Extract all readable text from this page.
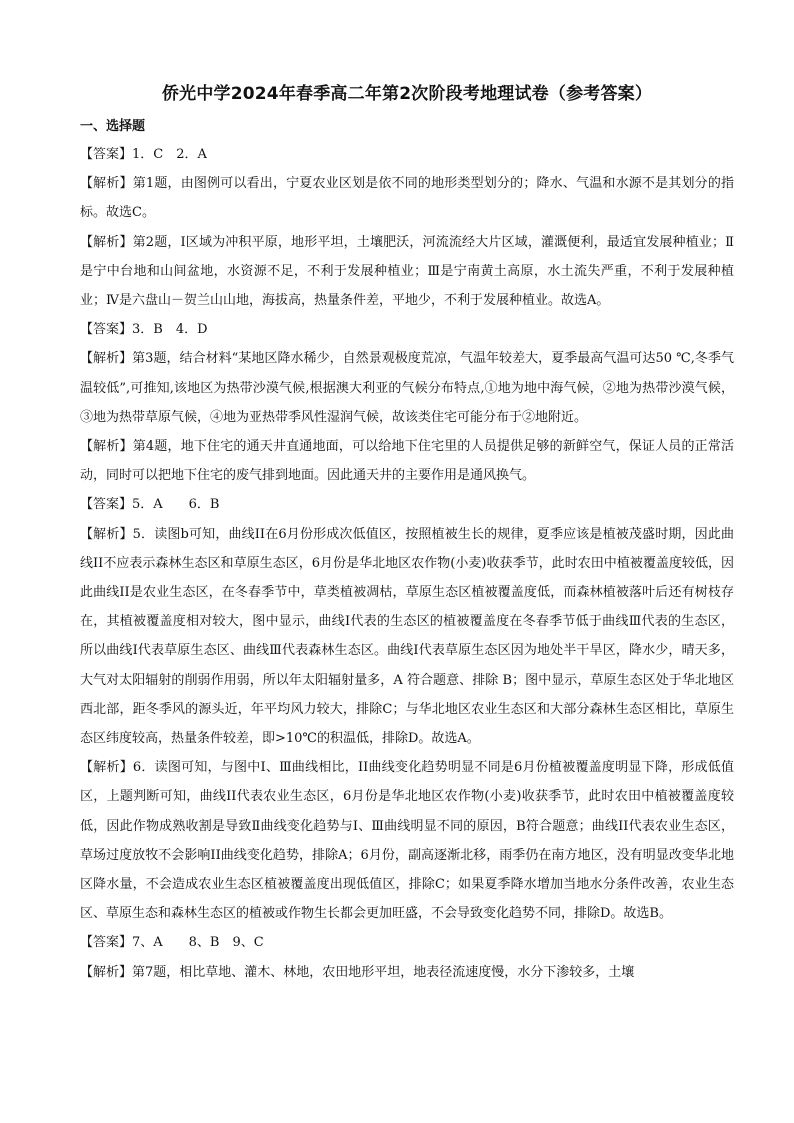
侨光中学2024年春季高二年第2次阶段考地理试卷（参考答案）
一、选择题
【答案】1．C　2．A
【解析】第1题，由图例可以看出，宁夏农业区划是依不同的地形类型划分的；降水、气温和水源不是其划分的指标。故选C。
【解析】第2题，Ⅰ区域为冲积平原，地形平坦，土壤肥沃，河流流经大片区域，灌溉便利，最适宜发展种植业；Ⅱ是宁中台地和山间盆地，水资源不足，不利于发展种植业；Ⅲ是宁南黄土高原，水土流失严重，不利于发展种植业；Ⅳ是六盘山－贺兰山山地，海拔高，热量条件差，平地少，不利于发展种植业。故选A。
【答案】3．B　4．D
【解析】第3题，结合材料“某地区降水稀少，自然景观极度荒凉，气温年较差大，夏季最高气温可达50 ℃,冬季气温较低”,可推知,该地区为热带沙漠气候,根据澳大利亚的气候分布特点,①地为地中海气候，②地为热带沙漠气候，③地为热带草原气候，④地为亚热带季风性湿润气候，故该类住宅可能分布于②地附近。
【解析】第4题，地下住宅的通天井直通地面，可以给地下住宅里的人员提供足够的新鲜空气，保证人员的正常活动，同时可以把地下住宅的废气排到地面。因此通天井的主要作用是通风换气。
【答案】5．A　　6．B
【解析】5．读图b可知，曲线II在6月份形成次低值区，按照植被生长的规律，夏季应该是植被茂盛时期，因此曲线II不应表示森林生态区和草原生态区，6月份是华北地区农作物(小麦)收获季节，此时农田中植被覆盖度较低，因此曲线II是农业生态区，在冬春季节中，草类植被凋枯，草原生态区植被覆盖度低，而森林植被落叶后还有树枝存在，其植被覆盖度相对较大，图中显示，曲线I代表的生态区的植被覆盖度在冬春季节低于曲线Ⅲ代表的生态区，所以曲线I代表草原生态区、曲线Ⅲ代表森林生态区。曲线I代表草原生态区因为地处半干旱区，降水少，晴天多，大气对太阳辐射的削弱作用弱，所以年太阳辐射量多，A 符合题意、排除 B；图中显示，草原生态区处于华北地区西北部，距冬季风的源头近，年平均风力较大，排除C；与华北地区农业生态区和大部分森林生态区相比，草原生态区纬度较高，热量条件较差，即>10℃的积温低，排除D。故选A。
【解析】6．读图可知，与图中I、Ⅲ曲线相比，II曲线变化趋势明显不同是6月份植被覆盖度明显下降，形成低值区，上题判断可知，曲线II代表农业生态区，6月份是华北地区农作物(小麦)收获季节，此时农田中植被覆盖度较低，因此作物成熟收割是导致Ⅱ曲线变化趋势与Ⅰ、Ⅲ曲线明显不同的原因，B符合题意；曲线II代表农业生态区，草场过度放牧不会影响II曲线变化趋势，排除A；6月份，副高逐渐北移，雨季仍在南方地区，没有明显改变华北地区降水量，不会造成农业生态区植被覆盖度出现低值区，排除C；如果夏季降水增加当地水分条件改善，农业生态区、草原生态和森林生态区的植被或作物生长都会更加旺盛，不会导致变化趋势不同，排除D。故选B。
【答案】7、A　　8、B　9、C
【解析】第7题，相比草地、灌木、林地，农田地形平坦，地表径流速度慢，水分下渗较多，土壤
